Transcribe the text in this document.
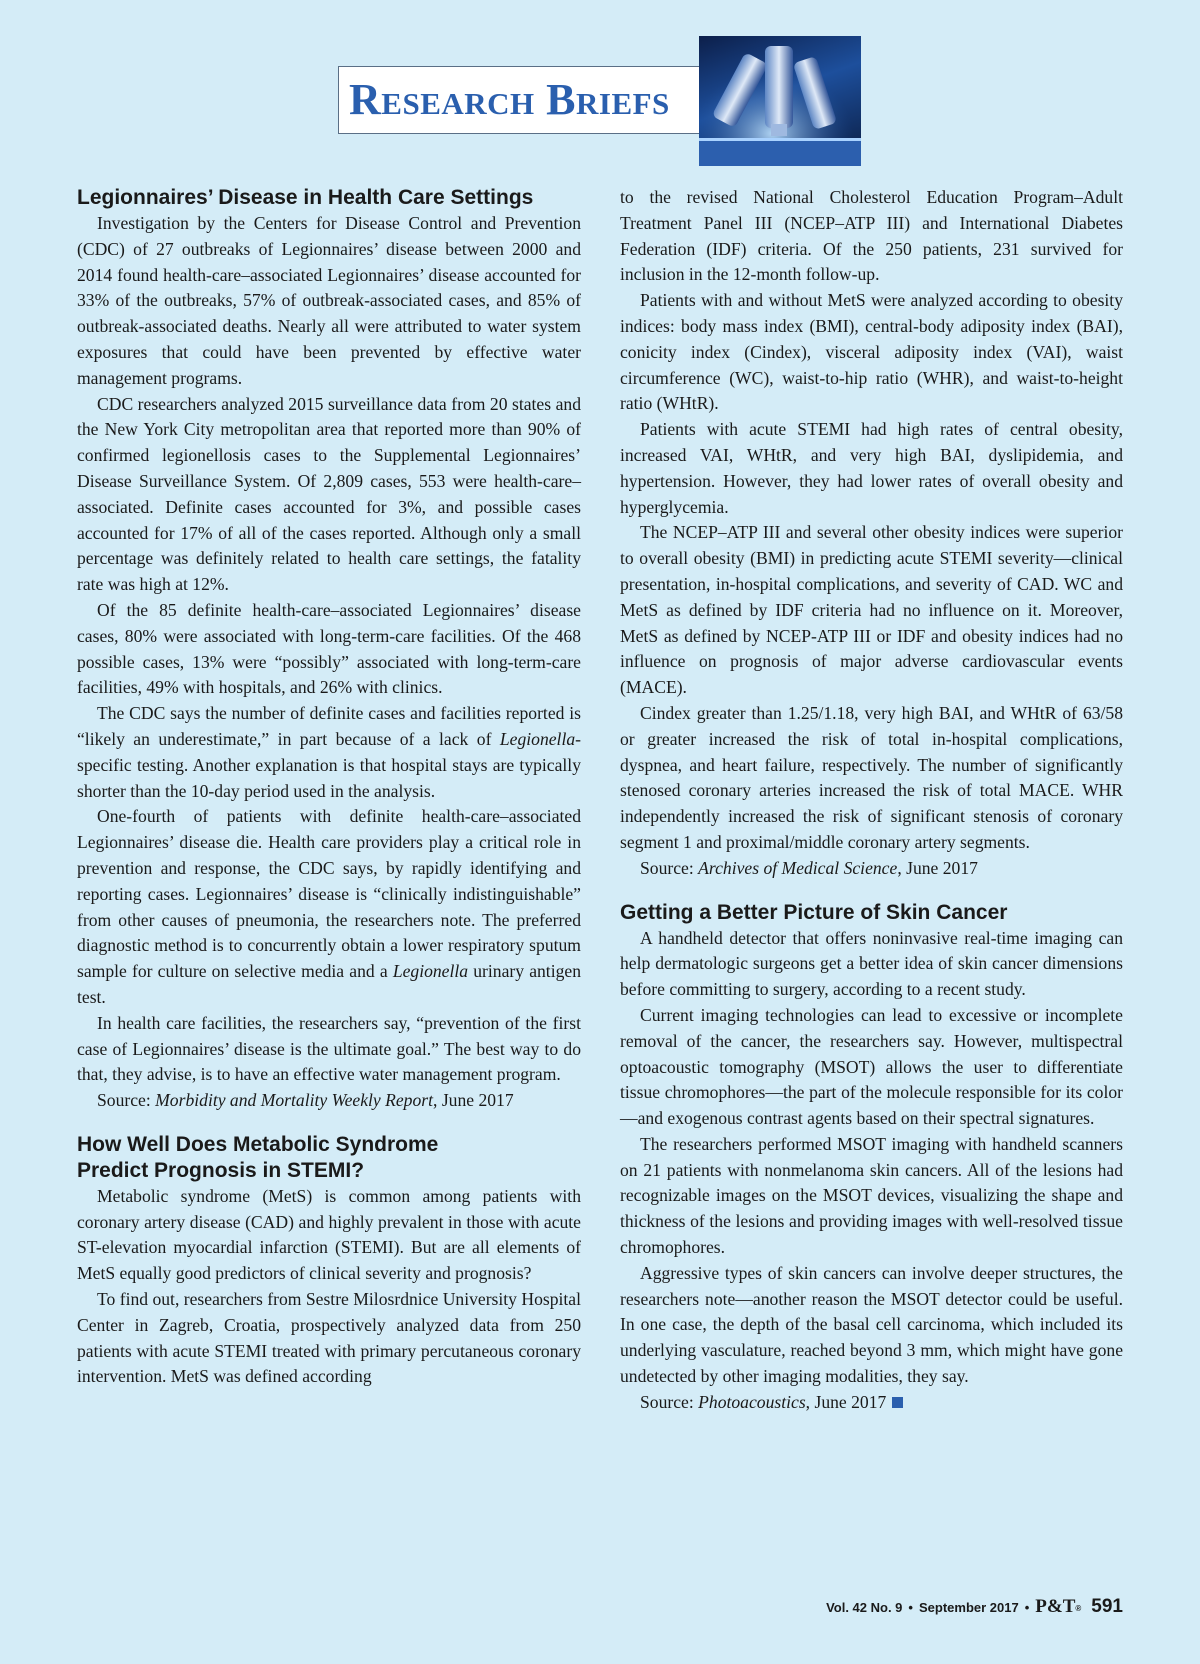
Research Briefs
Legionnaires’ Disease in Health Care Settings

Investigation by the Centers for Disease Control and Prevention (CDC) of 27 outbreaks of Legionnaires’ disease between 2000 and 2014 found health-care–associated Legionnaires’ disease accounted for 33% of the outbreaks, 57% of outbreak-associated cases, and 85% of outbreak-associated deaths. Nearly all were attributed to water system exposures that could have been prevented by effective water management programs.

CDC researchers analyzed 2015 surveillance data from 20 states and the New York City metropolitan area that reported more than 90% of confirmed legionellosis cases to the Supplemental Legionnaires’ Disease Surveillance System. Of 2,809 cases, 553 were health-care–associated. Definite cases accounted for 3%, and possible cases accounted for 17% of all of the cases reported. Although only a small percentage was definitely related to health care settings, the fatality rate was high at 12%.

Of the 85 definite health-care–associated Legionnaires’ disease cases, 80% were associated with long-term-care facilities. Of the 468 possible cases, 13% were “possibly” associated with long-term-care facilities, 49% with hospitals, and 26% with clinics.

The CDC says the number of definite cases and facilities reported is “likely an underestimate,” in part because of a lack of Legionella-specific testing. Another explanation is that hospital stays are typically shorter than the 10-day period used in the analysis.

One-fourth of patients with definite health-care–associated Legionnaires’ disease die. Health care providers play a critical role in prevention and response, the CDC says, by rapidly identifying and reporting cases. Legionnaires’ disease is “clinically indistinguishable” from other causes of pneumonia, the researchers note. The preferred diagnostic method is to concurrently obtain a lower respiratory sputum sample for culture on selective media and a Legionella urinary antigen test.

In health care facilities, the researchers say, “prevention of the first case of Legionnaires’ disease is the ultimate goal.” The best way to do that, they advise, is to have an effective water management program.

Source: Morbidity and Mortality Weekly Report, June 2017

How Well Does Metabolic Syndrome
Predict Prognosis in STEMI?

Metabolic syndrome (MetS) is common among patients with coronary artery disease (CAD) and highly prevalent in those with acute ST-elevation myocardial infarction (STEMI). But are all elements of MetS equally good predictors of clinical severity and prognosis?

To find out, researchers from Sestre Milosrdnice University Hospital Center in Zagreb, Croatia, prospectively analyzed data from 250 patients with acute STEMI treated with primary percutaneous coronary intervention. MetS was defined according

to the revised National Cholesterol Education Program–Adult Treatment Panel III (NCEP–ATP III) and International Diabetes Federation (IDF) criteria. Of the 250 patients, 231 survived for inclusion in the 12-month follow-up.

Patients with and without MetS were analyzed according to obesity indices: body mass index (BMI), central-body adiposity index (BAI), conicity index (Cindex), visceral adiposity index (VAI), waist circumference (WC), waist-to-hip ratio (WHR), and waist-to-height ratio (WHtR).

Patients with acute STEMI had high rates of central obesity, increased VAI, WHtR, and very high BAI, dyslipidemia, and hypertension. However, they had lower rates of overall obesity and hyperglycemia.

The NCEP–ATP III and several other obesity indices were superior to overall obesity (BMI) in predicting acute STEMI severity—clinical presentation, in-hospital complications, and severity of CAD. WC and MetS as defined by IDF criteria had no influence on it. Moreover, MetS as defined by NCEP-ATP III or IDF and obesity indices had no influence on prognosis of major adverse cardiovascular events (MACE).

Cindex greater than 1.25/1.18, very high BAI, and WHtR of 63/58 or greater increased the risk of total in-hospital complications, dyspnea, and heart failure, respectively. The number of significantly stenosed coronary arteries increased the risk of total MACE. WHR independently increased the risk of significant stenosis of coronary segment 1 and proximal/middle coronary artery segments.

Source: Archives of Medical Science, June 2017

Getting a Better Picture of Skin Cancer

A handheld detector that offers noninvasive real-time imaging can help dermatologic surgeons get a better idea of skin cancer dimensions before committing to surgery, according to a recent study.

Current imaging technologies can lead to excessive or incomplete removal of the cancer, the researchers say. However, multispectral optoacoustic tomography (MSOT) allows the user to differentiate tissue chromophores—the part of the molecule responsible for its color—and exogenous contrast agents based on their spectral signatures.

The researchers performed MSOT imaging with handheld scanners on 21 patients with nonmelanoma skin cancers. All of the lesions had recognizable images on the MSOT devices, visualizing the shape and thickness of the lesions and providing images with well-resolved tissue chromophores.

Aggressive types of skin cancers can involve deeper structures, the researchers note—another reason the MSOT detector could be useful. In one case, the depth of the basal cell carcinoma, which included its underlying vasculature, reached beyond 3 mm, which might have gone undetected by other imaging modalities, they say.

Source: Photoacoustics, June 2017

Vol. 42 No. 9 • September 2017 • P&T® 591
